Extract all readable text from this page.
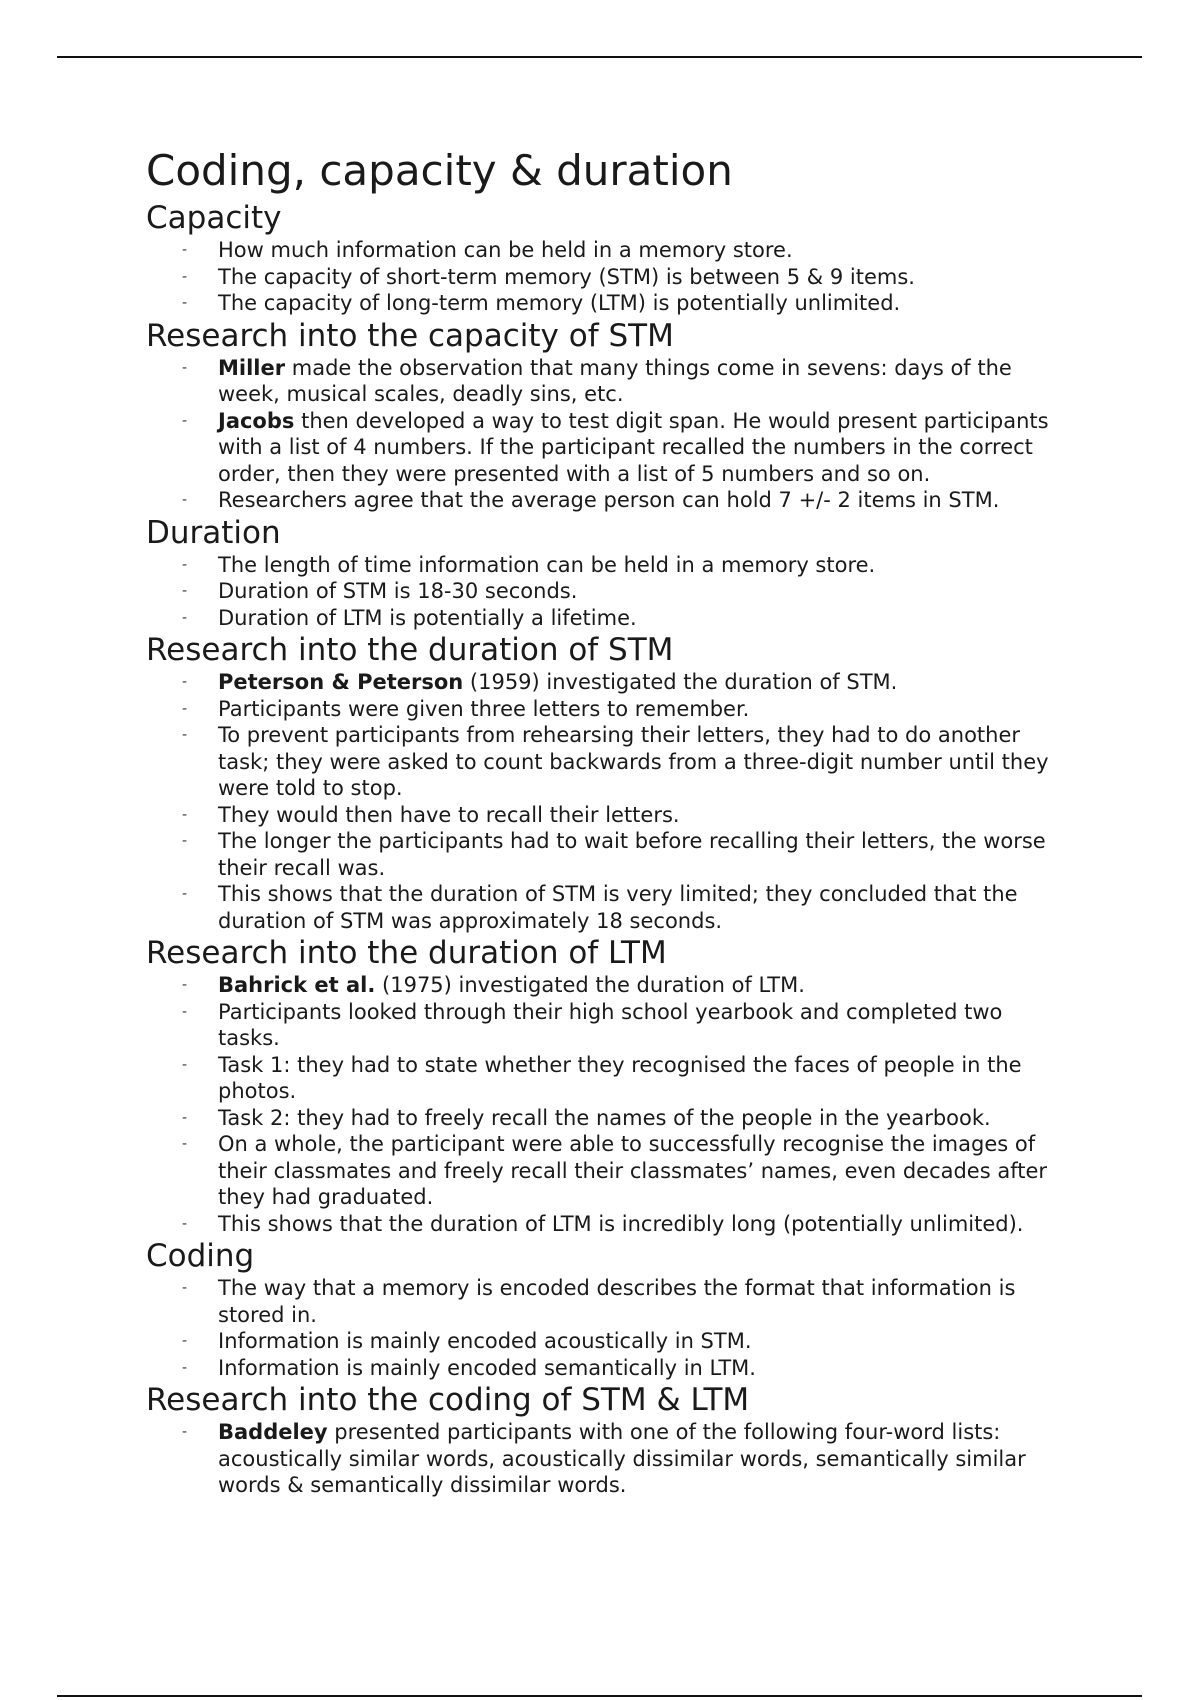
Coding, capacity & duration
Capacity
- How much information can be held in a memory store.
- The capacity of short-term memory (STM) is between 5 & 9 items.
- The capacity of long-term memory (LTM) is potentially unlimited.
Research into the capacity of STM
- Miller made the observation that many things come in sevens: days of the week, musical scales, deadly sins, etc.
- Jacobs then developed a way to test digit span. He would present participants with a list of 4 numbers. If the participant recalled the numbers in the correct order, then they were presented with a list of 5 numbers and so on.
- Researchers agree that the average person can hold 7 +/- 2 items in STM.
Duration
- The length of time information can be held in a memory store.
- Duration of STM is 18-30 seconds.
- Duration of LTM is potentially a lifetime.
Research into the duration of STM
- Peterson & Peterson (1959) investigated the duration of STM.
- Participants were given three letters to remember.
- To prevent participants from rehearsing their letters, they had to do another task; they were asked to count backwards from a three-digit number until they were told to stop.
- They would then have to recall their letters.
- The longer the participants had to wait before recalling their letters, the worse their recall was.
- This shows that the duration of STM is very limited; they concluded that the duration of STM was approximately 18 seconds.
Research into the duration of LTM
- Bahrick et al. (1975) investigated the duration of LTM.
- Participants looked through their high school yearbook and completed two tasks.
- Task 1: they had to state whether they recognised the faces of people in the photos.
- Task 2: they had to freely recall the names of the people in the yearbook.
- On a whole, the participant were able to successfully recognise the images of their classmates and freely recall their classmates’ names, even decades after they had graduated.
- This shows that the duration of LTM is incredibly long (potentially unlimited).
Coding
- The way that a memory is encoded describes the format that information is stored in.
- Information is mainly encoded acoustically in STM.
- Information is mainly encoded semantically in LTM.
Research into the coding of STM & LTM
- Baddeley presented participants with one of the following four-word lists: acoustically similar words, acoustically dissimilar words, semantically similar words & semantically dissimilar words.
